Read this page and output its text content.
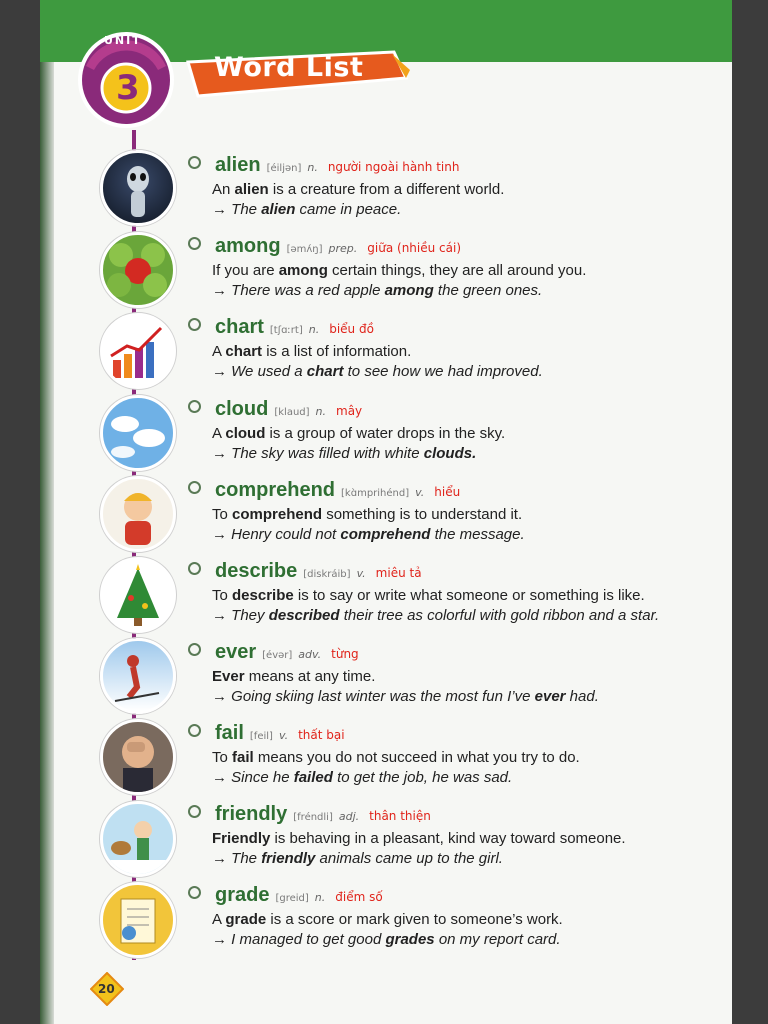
Word List
UNIT
3
alien [éiljən] n. người ngoài hành tinh
An alien is a creature from a different world.
→ The alien came in peace.
among [əmʌ́ŋ] prep. giữa (nhiều cái)
If you are among certain things, they are all around you.
→ There was a red apple among the green ones.
chart [tʃɑːrt] n. biểu đồ
A chart is a list of information.
→ We used a chart to see how we had improved.
cloud [klaud] n. mây
A cloud is a group of water drops in the sky.
→ The sky was filled with white clouds.
comprehend [kɑ̀mprihénd] v. hiểu
To comprehend something is to understand it.
→ Henry could not comprehend the message.
describe [diskráib] v. miêu tả
To describe is to say or write what someone or something is like.
→ They described their tree as colorful with gold ribbon and a star.
ever [évər] adv. từng
Ever means at any time.
→ Going skiing last winter was the most fun I’ve ever had.
fail [feil] v. thất bại
To fail means you do not succeed in what you try to do.
→ Since he failed to get the job, he was sad.
friendly [fréndli] adj. thân thiện
Friendly is behaving in a pleasant, kind way toward someone.
→ The friendly animals came up to the girl.
grade [greid] n. điểm số
A grade is a score or mark given to someone’s work.
→ I managed to get good grades on my report card.
20
